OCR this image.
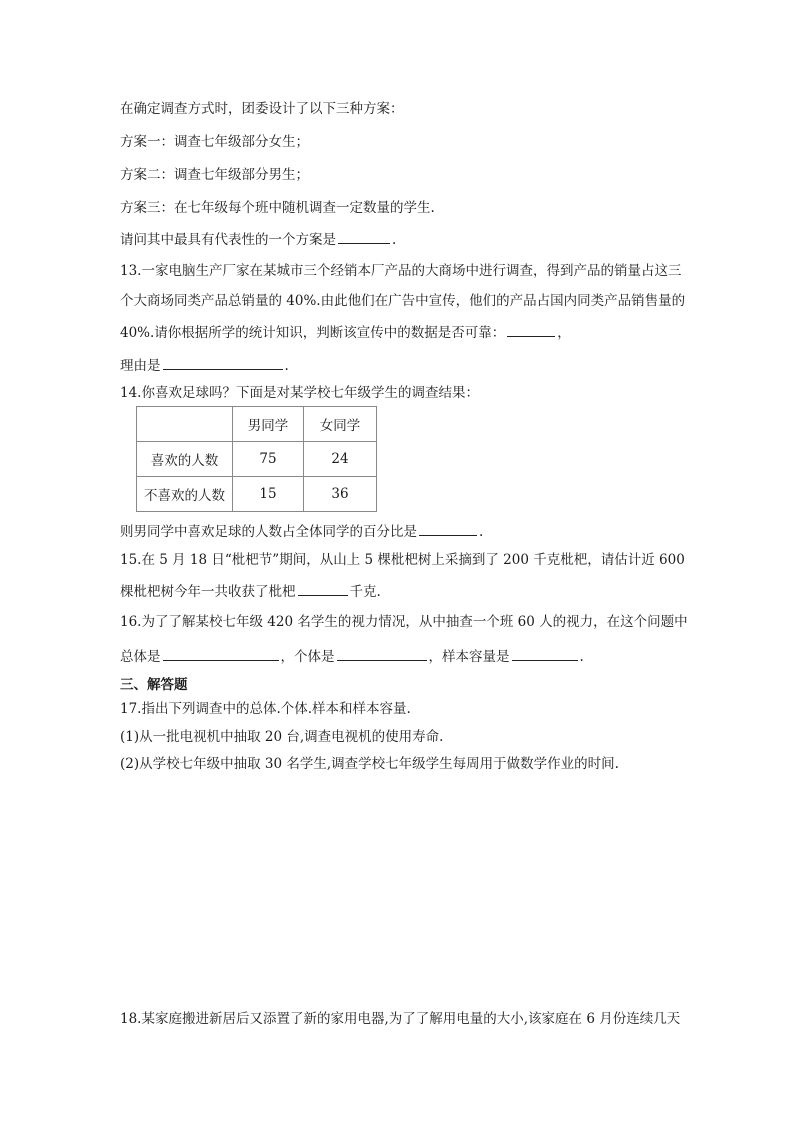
在确定调查方式时，团委设计了以下三种方案：
方案一：调查七年级部分女生；
方案二：调查七年级部分男生；
方案三：在七年级每个班中随机调查一定数量的学生.
请问其中最具有代表性的一个方案是	.
13.一家电脑生产厂家在某城市三个经销本厂产品的大商场中进行调查，得到产品的销量占这三
个大商场同类产品总销量的 40%.由此他们在广告中宣传，他们的产品占国内同类产品销售量的
40%.请你根据所学的统计知识，判断该宣传中的数据是否可靠：	，
理由是	.
14.你喜欢足球吗？下面是对某学校七年级学生的调查结果：
	男同学	女同学
喜欢的人数	75	24
不喜欢的人数	15	36
则男同学中喜欢足球的人数占全体同学的百分比是	.
15.在 5 月 18 日“枇杷节”期间，从山上 5 棵枇杷树上采摘到了 200 千克枇杷，请估计近 600
棵枇杷树今年一共收获了枇杷	千克.
16.为了了解某校七年级 420 名学生的视力情况，从中抽查一个班 60 人的视力，在这个问题中
总体是	，个体是	，样本容量是	.
三、解答题
17.指出下列调查中的总体.个体.样本和样本容量.
(1)从一批电视机中抽取 20 台,调查电视机的使用寿命.
(2)从学校七年级中抽取 30 名学生,调查学校七年级学生每周用于做数学作业的时间.
18.某家庭搬进新居后又添置了新的家用电器,为了了解用电量的大小,该家庭在 6 月份连续几天
